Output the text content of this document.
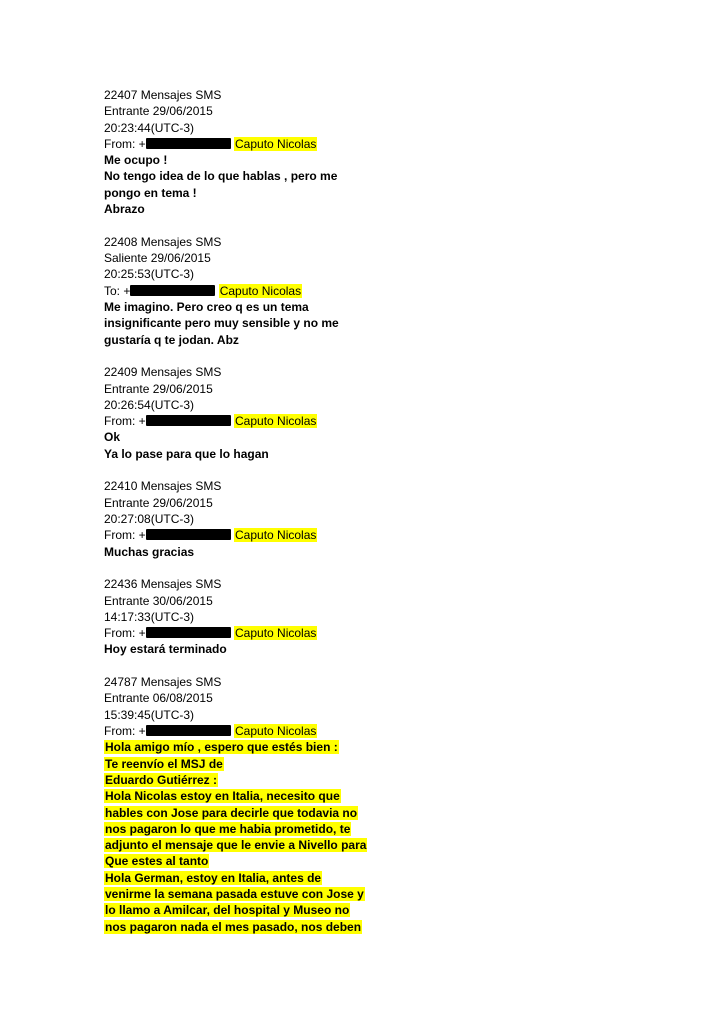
22407 Mensajes SMS
Entrante 29/06/2015
20:23:44(UTC-3)
From: +	Caputo Nicolas
Me ocupo !
No tengo idea de lo que hablas , pero me
pongo en tema !
Abrazo
22408 Mensajes SMS
Saliente 29/06/2015
20:25:53(UTC-3)
To: +	Caputo Nicolas
Me imagino. Pero creo q es un tema
insignificante pero muy sensible y no me
gustaría q te jodan. Abz
22409 Mensajes SMS
Entrante 29/06/2015
20:26:54(UTC-3)
From: +	Caputo Nicolas
Ok
Ya lo pase para que lo hagan
22410 Mensajes SMS
Entrante 29/06/2015
20:27:08(UTC-3)
From: +	Caputo Nicolas
Muchas gracias
22436 Mensajes SMS
Entrante 30/06/2015
14:17:33(UTC-3)
From: +	Caputo Nicolas
Hoy estará terminado
24787 Mensajes SMS
Entrante 06/08/2015
15:39:45(UTC-3)
From: +	Caputo Nicolas
Hola amigo mío , espero que estés bien :
Te reenvío el MSJ de
Eduardo Gutiérrez :
Hola Nicolas estoy en Italia, necesito que
hables con Jose para decirle que todavia no
nos pagaron lo que me habia prometido, te
adjunto el mensaje que le envie a Nivello para
Que estes al tanto
Hola German, estoy en Italia, antes de
venirme la semana pasada estuve con Jose y
lo llamo a Amilcar, del hospital y Museo no
nos pagaron nada el mes pasado, nos deben
